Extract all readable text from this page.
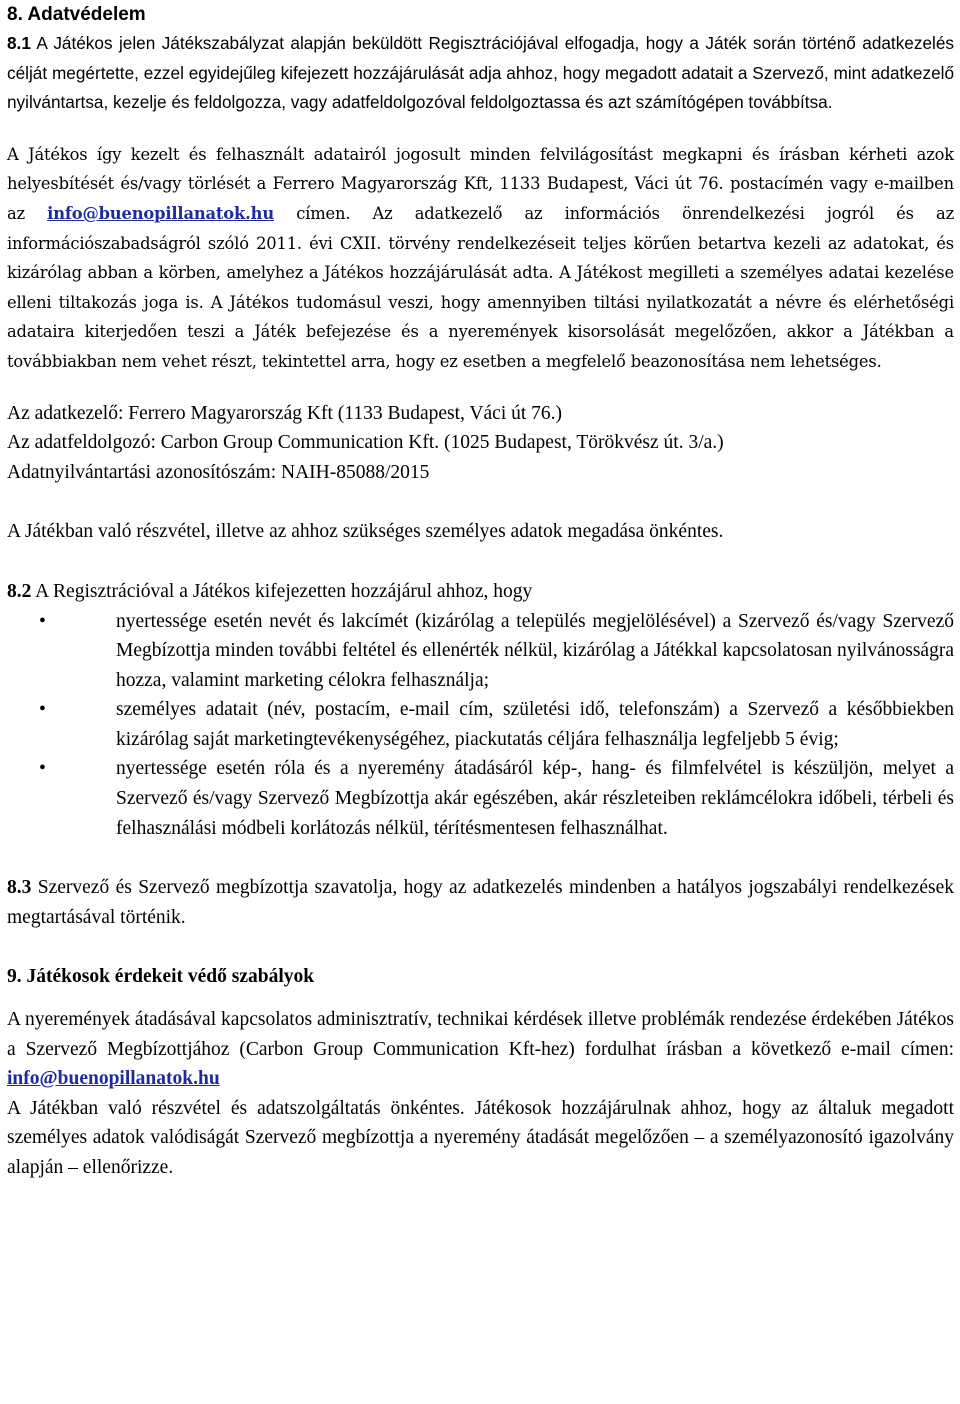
8. Adatvédelem

8.1 A Játékos jelen Játékszabályzat alapján beküldött Regisztrációjával elfogadja, hogy a Játék során történő adatkezelés célját megértette, ezzel egyidejűleg kifejezett hozzájárulását adja ahhoz, hogy megadott adatait a Szervező, mint adatkezelő nyilvántartsa, kezelje és feldolgozza, vagy adatfeldolgozóval feldolgoztassa és azt számítógépen továbbítsa.

A Játékos így kezelt és felhasznált adatairól jogosult minden felvilágosítást megkapni és írásban kérheti azok helyesbítését és/vagy törlését a Ferrero Magyarország Kft, 1133 Budapest, Váci út 76. postacímén vagy e-mailben az info@buenopillanatok.hu címen. Az adatkezelő az információs önrendelkezési jogról és az információszabadságról szóló 2011. évi CXII. törvény rendelkezéseit teljes körűen betartva kezeli az adatokat, és kizárólag abban a körben, amelyhez a Játékos hozzájárulását adta. A Játékost megilleti a személyes adatai kezelése elleni tiltakozás joga is. A Játékos tudomásul veszi, hogy amennyiben tiltási nyilatkozatát a névre és elérhetőségi adataira kiterjedően teszi a Játék befejezése és a nyeremények kisorsolását megelőzően, akkor a Játékban a továbbiakban nem vehet részt, tekintettel arra, hogy ez esetben a megfelelő beazonosítása nem lehetséges.

Az adatkezelő: Ferrero Magyarország Kft (1133 Budapest, Váci út 76.)

Az adatfeldolgozó: Carbon Group Communication Kft. (1025 Budapest, Törökvész út. 3/a.)

Adatnyilvántartási azonosítószám: NAIH-85088/2015

A Játékban való részvétel, illetve az ahhoz szükséges személyes adatok megadása önkéntes.

8.2 A Regisztrációval a Játékos kifejezetten hozzájárul ahhoz, hogy

•	nyertessége esetén nevét és lakcímét (kizárólag a település megjelölésével) a Szervező és/vagy Szervező Megbízottja minden további feltétel és ellenérték nélkül, kizárólag a Játékkal kapcsolatosan nyilvánosságra hozza, valamint marketing célokra felhasználja;
•	személyes adatait (név, postacím, e-mail cím, születési idő, telefonszám) a Szervező a későbbiekben kizárólag saját marketingtevékenységéhez, piackutatás céljára felhasználja legfeljebb 5 évig;
•	nyertessége esetén róla és a nyeremény átadásáról kép-, hang- és filmfelvétel is készüljön, melyet a Szervező és/vagy Szervező Megbízottja akár egészében, akár részleteiben reklámcélokra időbeli, térbeli és felhasználási módbeli korlátozás nélkül, térítésmentesen felhasználhat.

8.3 Szervező és Szervező megbízottja szavatolja, hogy az adatkezelés mindenben a hatályos jogszabályi rendelkezések megtartásával történik.

9. Játékosok érdekeit védő szabályok

A nyeremények átadásával kapcsolatos adminisztratív, technikai kérdések illetve problémák rendezése érdekében Játékos a Szervező Megbízottjához (Carbon Group Communication Kft-hez) fordulhat írásban a következő e-mail címen: info@buenopillanatok.hu

A Játékban való részvétel és adatszolgáltatás önkéntes. Játékosok hozzájárulnak ahhoz, hogy az általuk megadott személyes adatok valódiságát Szervező megbízottja a nyeremény átadását megelőzően – a személyazonosító igazolvány alapján – ellenőrizze.
